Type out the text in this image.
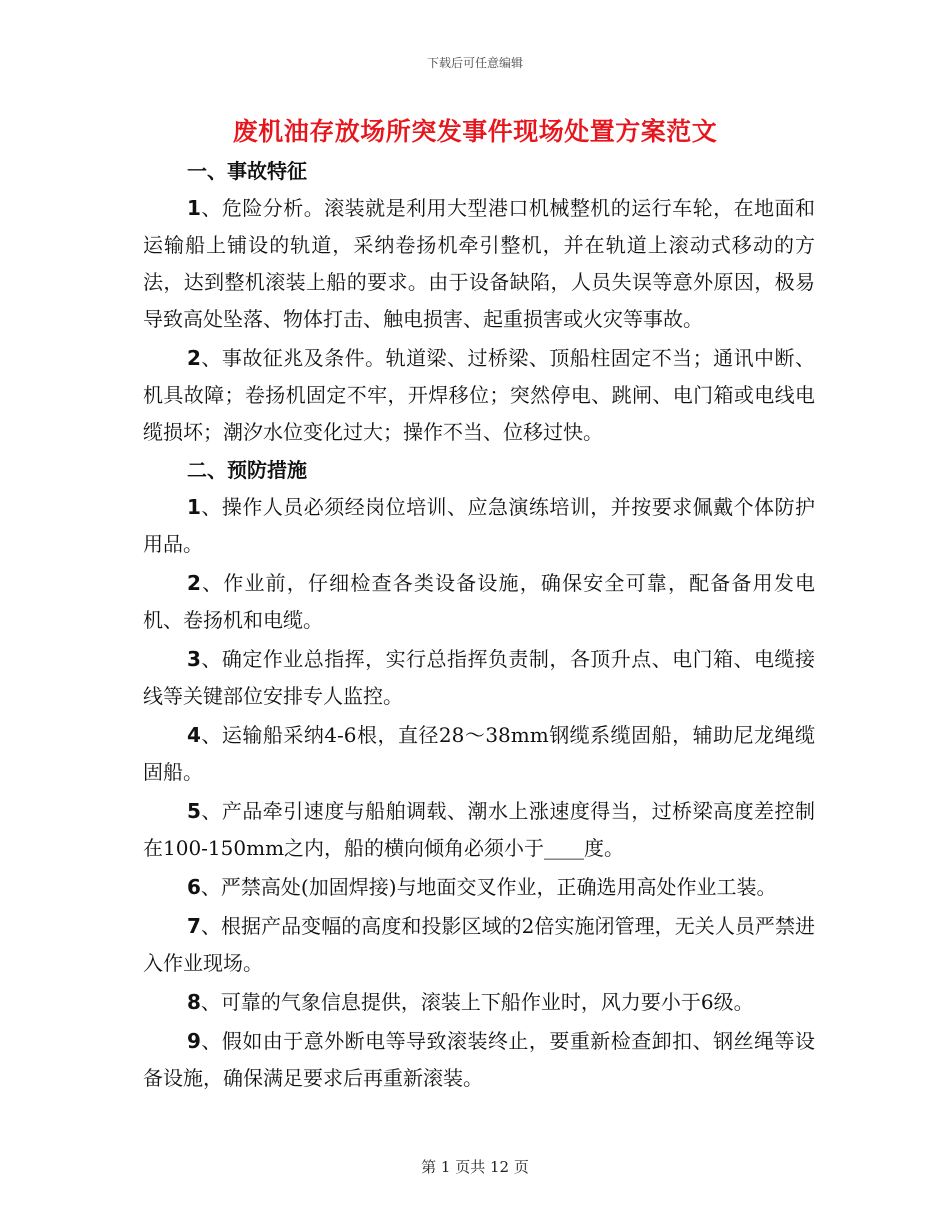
下载后可任意编辑
废机油存放场所突发事件现场处置方案范文
一、事故特征

1、危险分析。滚装就是利用大型港口机械整机的运行车轮，在地面和运输船上铺设的轨道，采纳卷扬机牵引整机，并在轨道上滚动式移动的方法，达到整机滚装上船的要求。由于设备缺陷，人员失误等意外原因，极易导致高处坠落、物体打击、触电损害、起重损害或火灾等事故。

2、事故征兆及条件。轨道梁、过桥梁、顶船柱固定不当；通讯中断、机具故障；卷扬机固定不牢，开焊移位；突然停电、跳闸、电门箱或电线电缆损坏；潮汐水位变化过大；操作不当、位移过快。

二、预防措施

1、操作人员必须经岗位培训、应急演练培训，并按要求佩戴个体防护用品。

2、作业前，仔细检查各类设备设施，确保安全可靠，配备备用发电机、卷扬机和电缆。

3、确定作业总指挥，实行总指挥负责制，各顶升点、电门箱、电缆接线等关键部位安排专人监控。

4、运输船采纳4-6根，直径28～38mm钢缆系缆固船，辅助尼龙绳缆固船。

5、产品牵引速度与船舶调载、潮水上涨速度得当，过桥梁高度差控制在100-150mm之内，船的横向倾角必须小于____度。

6、严禁高处(加固焊接)与地面交叉作业，正确选用高处作业工装。

7、根据产品变幅的高度和投影区域的2倍实施闭管理，无关人员严禁进入作业现场。

8、可靠的气象信息提供，滚装上下船作业时，风力要小于6级。

9、假如由于意外断电等导致滚装终止，要重新检查卸扣、钢丝绳等设备设施，确保满足要求后再重新滚装。

第 1 页共 12 页
